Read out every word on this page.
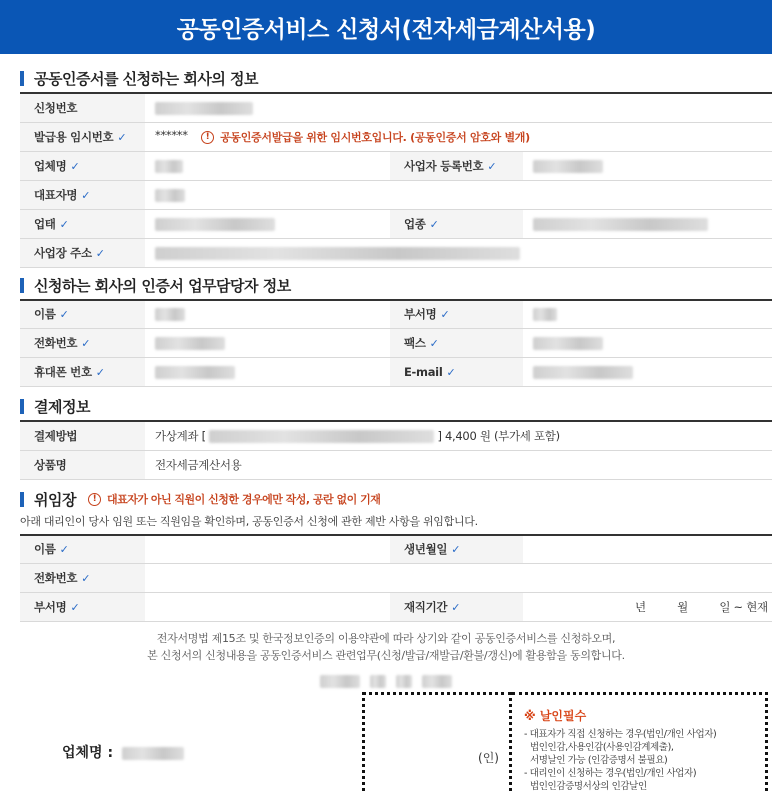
공동인증서비스 신청서(전자세금계산서용)
공동인증서를 신청하는 회사의 정보
신청번호			
발급용 임시번호 ✓	****** ! 공동인증서발급을 위한 임시번호입니다. (공동인증서 암호와 별개)		

업체명 ✓		사업자 등록번호 ✓	
대표자명 ✓			
업태 ✓		업종 ✓	
사업장 주소 ✓			
신청하는 회사의 인증서 업무담당자 정보
이름 ✓		부서명 ✓	
전화번호 ✓		팩스 ✓	
휴대폰 번호 ✓		E-mail ✓	
결제정보
결제방법	가상계좌 [ ] 4,400 원 (부가세 포함)
상품명	전자세금계산서용
위임장	! 대표자가 아닌 직원이 신청한 경우에만 작성, 공란 없이 기재
아래 대리인이 당사 임원 또는 직원임을 확인하며, 공동인증서 신청에 관한 제반 사항을 위임합니다.
이름 ✓		생년월일 ✓	
전화번호 ✓			
부서명 ✓		재직기간 ✓	년 월 일 ~ 현재
전자서명법 제15조 및 한국정보인증의 이용약관에 따라 상기와 같이 공동인증서비스를 신청하오며,
본 신청서의 신청내용을 공동인증서비스 관련업무(신청/발급/재발급/환불/갱신)에 활용함을 동의합니다.

업체명 :	(인)
※ 날인필수
- 대표자가 직접 신청하는 경우(법인/개인 사업자)
법인인감,사용인감(사용인감계제출),
서명날인 가능 (인감증명서 불필요)
- 대리인이 신청하는 경우(법인/개인 사업자)
법인인감증명서상의 인감날인
